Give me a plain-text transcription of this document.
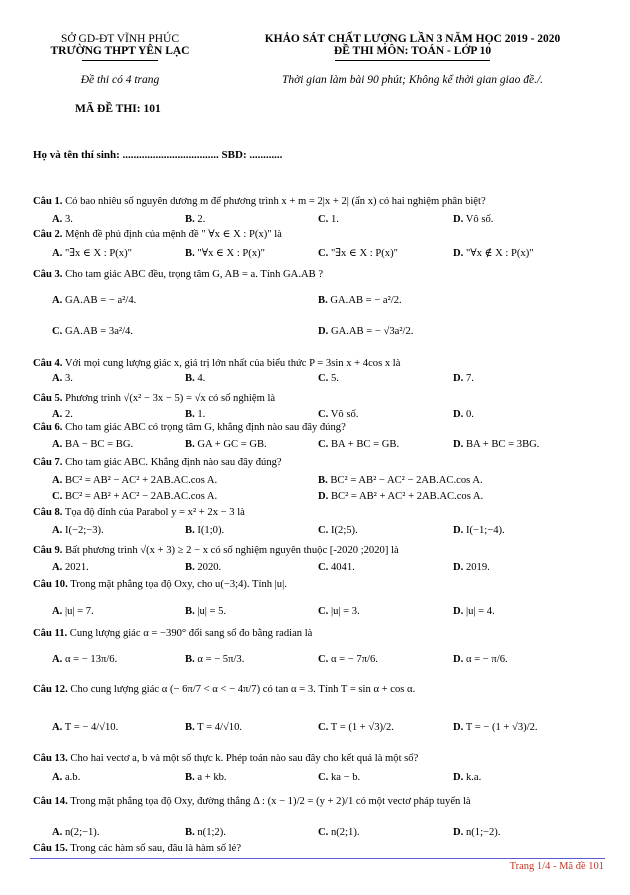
SỞ GD-ĐT VĨNH PHÚC
TRƯỜNG THPT YÊN LẠC
KHẢO SÁT CHẤT LƯỢNG LẦN 3 NĂM HỌC 2019 - 2020
ĐỀ THI MÔN: TOÁN - LỚP 10
Đề thi có 4 trang	Thời gian làm bài 90 phút; Không kể thời gian giao đề./.
MÃ ĐỀ THI: 101
Họ và tên thí sinh: ................................... SBD: ............
Câu 1. Có bao nhiêu số nguyên dương m để phương trình x + m = 2|x + 2| (ẩn x) có hai nghiệm phân biệt?
A. 3.	B. 2.	C. 1.	D. Vô số.
Câu 2. Mệnh đề phủ định của mệnh đề " ∀x ∈ X : P(x)" là
A. "∃x ∈ X : P(x)"	B. "∀x ∈ X : P(x)"	C. "∃x ∈ X : P(x)"	D. "∀x ∉ X : P(x)"
Câu 3. Cho tam giác ABC đều, trọng tâm G, AB = a. Tính GA.AB ?
A. GA.AB = − a²/4.	B. GA.AB = − a²/2.
C. GA.AB = 3a²/4.	D. GA.AB = − √3a²/2.
Câu 4. Với mọi cung lượng giác x, giá trị lớn nhất của biểu thức P = 3sin x + 4cos x là
A. 3.	B. 4.	C. 5.	D. 7.
Câu 5. Phương trình √(x² − 3x − 5) = √x có số nghiệm là
A. 2.	B. 1.	C. Vô số.	D. 0.
Câu 6. Cho tam giác ABC có trọng tâm G, khẳng định nào sau đây đúng?
A. BA − BC = BG.	B. GA + GC = GB.	C. BA + BC = GB.	D. BA + BC = 3BG.
Câu 7. Cho tam giác ABC. Khẳng định nào sau đây đúng?
A. BC² = AB² − AC² + 2AB.AC.cos A.	B. BC² = AB² − AC² − 2AB.AC.cos A.
C. BC² = AB² + AC² − 2AB.AC.cos A.	D. BC² = AB² + AC² + 2AB.AC.cos A.
Câu 8. Tọa độ đỉnh của Parabol y = x² + 2x − 3 là
A. I(−2;−3).	B. I(1;0).	C. I(2;5).	D. I(−1;−4).
Câu 9. Bất phương trình √(x + 3) ≥ 2 − x có số nghiệm nguyên thuộc [-2020 ;2020] là
A. 2021.	B. 2020.	C. 4041.	D. 2019.
Câu 10. Trong mặt phẳng tọa độ Oxy, cho u(−3;4). Tính |u|.
A. |u| = 7.	B. |u| = 5.	C. |u| = 3.	D. |u| = 4.
Câu 11. Cung lượng giác α = −390° đổi sang số đo bằng radian là
A. α = − 13π/6.	B. α = − 5π/3.	C. α = − 7π/6.	D. α = − π/6.
Câu 12. Cho cung lượng giác α (− 6π/7 < α < − 4π/7) có tan α = 3. Tính T = sin α + cos α.
A. T = − 4/√10.	B. T = 4/√10.	C. T = (1 + √3)/2.	D. T = − (1 + √3)/2.
Câu 13. Cho hai vectơ a, b và một số thực k. Phép toán nào sau đây cho kết quả là một số?
A. a.b.	B. a + kb.	C. ka − b.	D. k.a.
Câu 14. Trong mặt phẳng tọa độ Oxy, đường thẳng Δ : (x − 1)/2 = (y + 2)/1 có một vectơ pháp tuyến là
A. n(2;−1).	B. n(1;2).	C. n(2;1).	D. n(1;−2).
Câu 15. Trong các hàm số sau, đâu là hàm số lẻ?
Trang 1/4 - Mã đề 101
